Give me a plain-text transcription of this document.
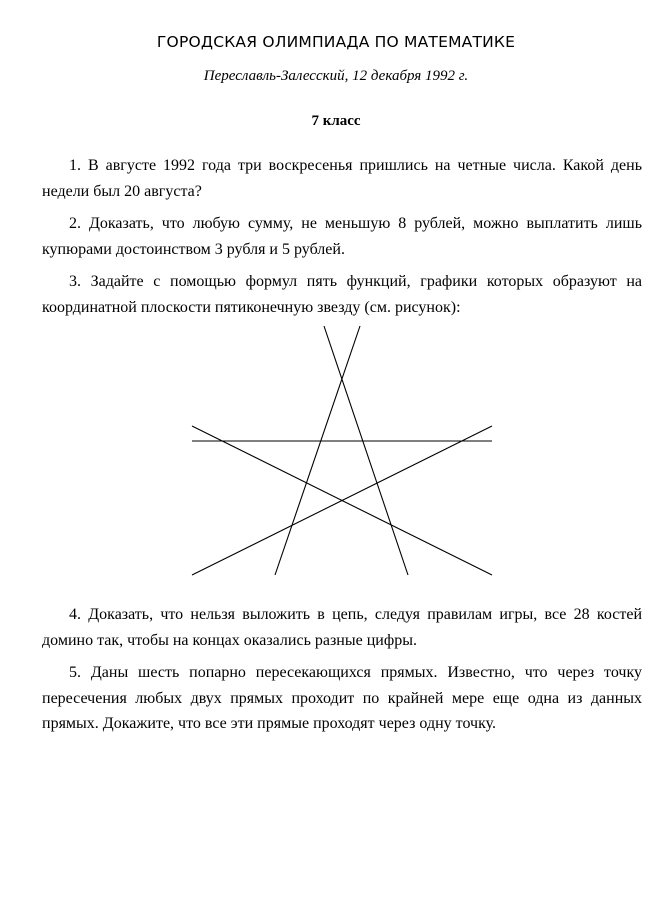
ГОРОДСКАЯ ОЛИМПИАДА ПО МАТЕМАТИКЕ
Переславль-Залесский, 12 декабря 1992 г.
7 класс

1. В августе 1992 года три воскресенья пришлись на четные числа. Какой день недели был 20 августа?

2. Доказать, что любую сумму, не меньшую 8 рублей, можно выплатить лишь купюрами достоинством 3 рубля и 5 рублей.

3. Задайте с помощью формул пять функций, графики которых образуют на координатной плоскости пятиконечную звезду (см. рисунок):

4. Доказать, что нельзя выложить в цепь, следуя правилам игры, все 28 костей домино так, чтобы на концах оказались разные цифры.

5. Даны шесть попарно пересекающихся прямых. Известно, что через точку пересечения любых двух прямых проходит по крайней мере еще одна из данных прямых. Докажите, что все эти прямые проходят через одну точку.
